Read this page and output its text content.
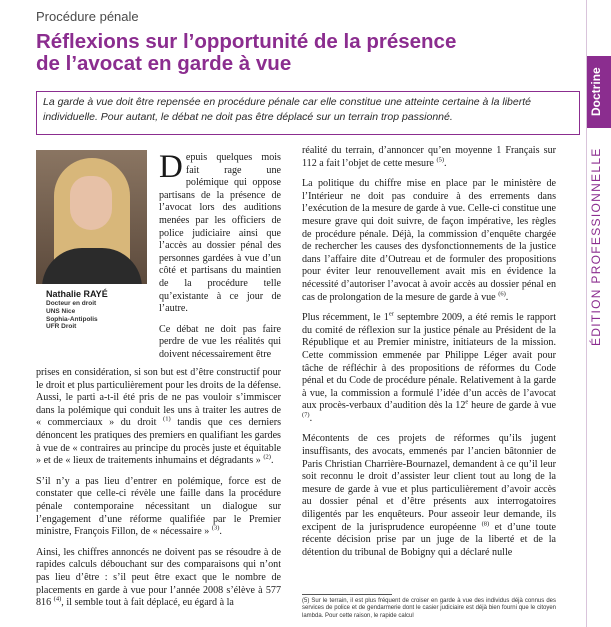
Doctrine
ÉDITION PROFESSIONNELLE
Procédure pénale
Réflexions sur l’opportunité de la présence
de l’avocat en garde à vue
La garde à vue doit être repensée en procédure pénale car elle constitue une atteinte certaine à la liberté individuelle. Pour autant, le débat ne doit pas être déplacé sur un terrain trop passionné.
Nathalie RAYÉ
Docteur en droit
UNS Nice
Sophia-Antipolis
UFR Droit

Depuis quelques mois fait rage une polémique qui oppose partisans de la présence de l’avocat lors des auditions menées par les officiers de police judiciaire ainsi que l’accès au dossier pénal des personnes gardées à vue d’un côté et partisans du maintien de la procédure telle qu’existante à ce jour de l’autre.

Ce débat ne doit pas faire perdre de vue les réalités qui doivent nécessairement être

prises en considération, si son but est d’être constructif pour le droit et plus particulièrement pour les droits de la défense. Aussi, le parti a-t-il été pris de ne pas vouloir s’immiscer dans la polémique qui conduit les uns à traiter les autres de « commerciaux » du droit $^{(1)}$ tandis que ces derniers dénoncent les pratiques des premiers en qualifiant les gardes à vue de « contraires au principe du procès juste et équitable » et de « lieux de traitements inhumains et dégradants » $^{(2)}$.

S’il n’y a pas lieu d’entrer en polémique, force est de constater que celle-ci révèle une faille dans la procédure pénale contemporaine nécessitant un dialogue sur l’engagement d’une réforme qualifiée par le Premier ministre, François Fillon, de « nécessaire » $^{(3)}$.

Ainsi, les chiffres annoncés ne doivent pas se résoudre à de rapides calculs débouchant sur des comparaisons qui n’ont pas lieu d’être : s’il peut être exact que le nombre de placements en garde à vue pour l’année 2008 s’élève à 577 816 $^{(4)}$, il semble tout à fait déplacé, eu égard à la

réalité du terrain, d’annoncer qu’en moyenne 1 Français sur 112 a fait l’objet de cette mesure $^{(5)}$.

La politique du chiffre mise en place par le ministère de l’Intérieur ne doit pas conduire à des errements dans l’exécution de la mesure de garde à vue. Celle-ci constitue une mesure grave qui doit suivre, de façon impérative, les règles de procédure pénale. Déjà, la commission d’enquête chargée de rechercher les causes des dysfonctionnements de la justice dans l’affaire dite d’Outreau et de formuler des propositions pour éviter leur renouvellement avait mis en évidence la nécessité d’autoriser l’avocat à avoir accès au dossier pénal en cas de prolongation de la mesure de garde à vue $^{(6)}$.

Plus récemment, le 1er septembre 2009, a été remis le rapport du comité de réflexion sur la justice pénale au Président de la République et au Premier ministre, initiateurs de la mission. Cette commission emmenée par Philippe Léger avait pour tâche de réfléchir à des propositions de réformes du Code pénal et du Code de procédure pénale. Relativement à la garde à vue, la commission a formulé l’idée d’un accès de l’avocat aux procès-verbaux d’audition dès la 12e heure de garde à vue $^{(7)}$.

Mécontents de ces projets de réformes qu’ils jugent insuffisants, des avocats, emmenés par l’ancien bâtonnier de Paris Christian Charrière-Bournazel, demandent à ce qu’il leur soit reconnu le droit d’assister leur client tout au long de la mesure de garde à vue et plus particulièrement d’avoir accès au dossier pénal et d’être présents aux interrogatoires diligentés par les enquêteurs. Pour asseoir leur demande, ils excipent de la jurisprudence européenne $^{(8)}$ et d’une toute récente décision prise par un juge de la liberté et de la détention du tribunal de Bobigny qui a déclaré nulle

(5) Sur le terrain, il est plus fréquent de croiser en garde à vue des individus déjà connus des services de police et de gendarmerie dont le casier judiciaire est déjà bien fourni que le citoyen lambda. Pour cette raison, le rapide calcul
